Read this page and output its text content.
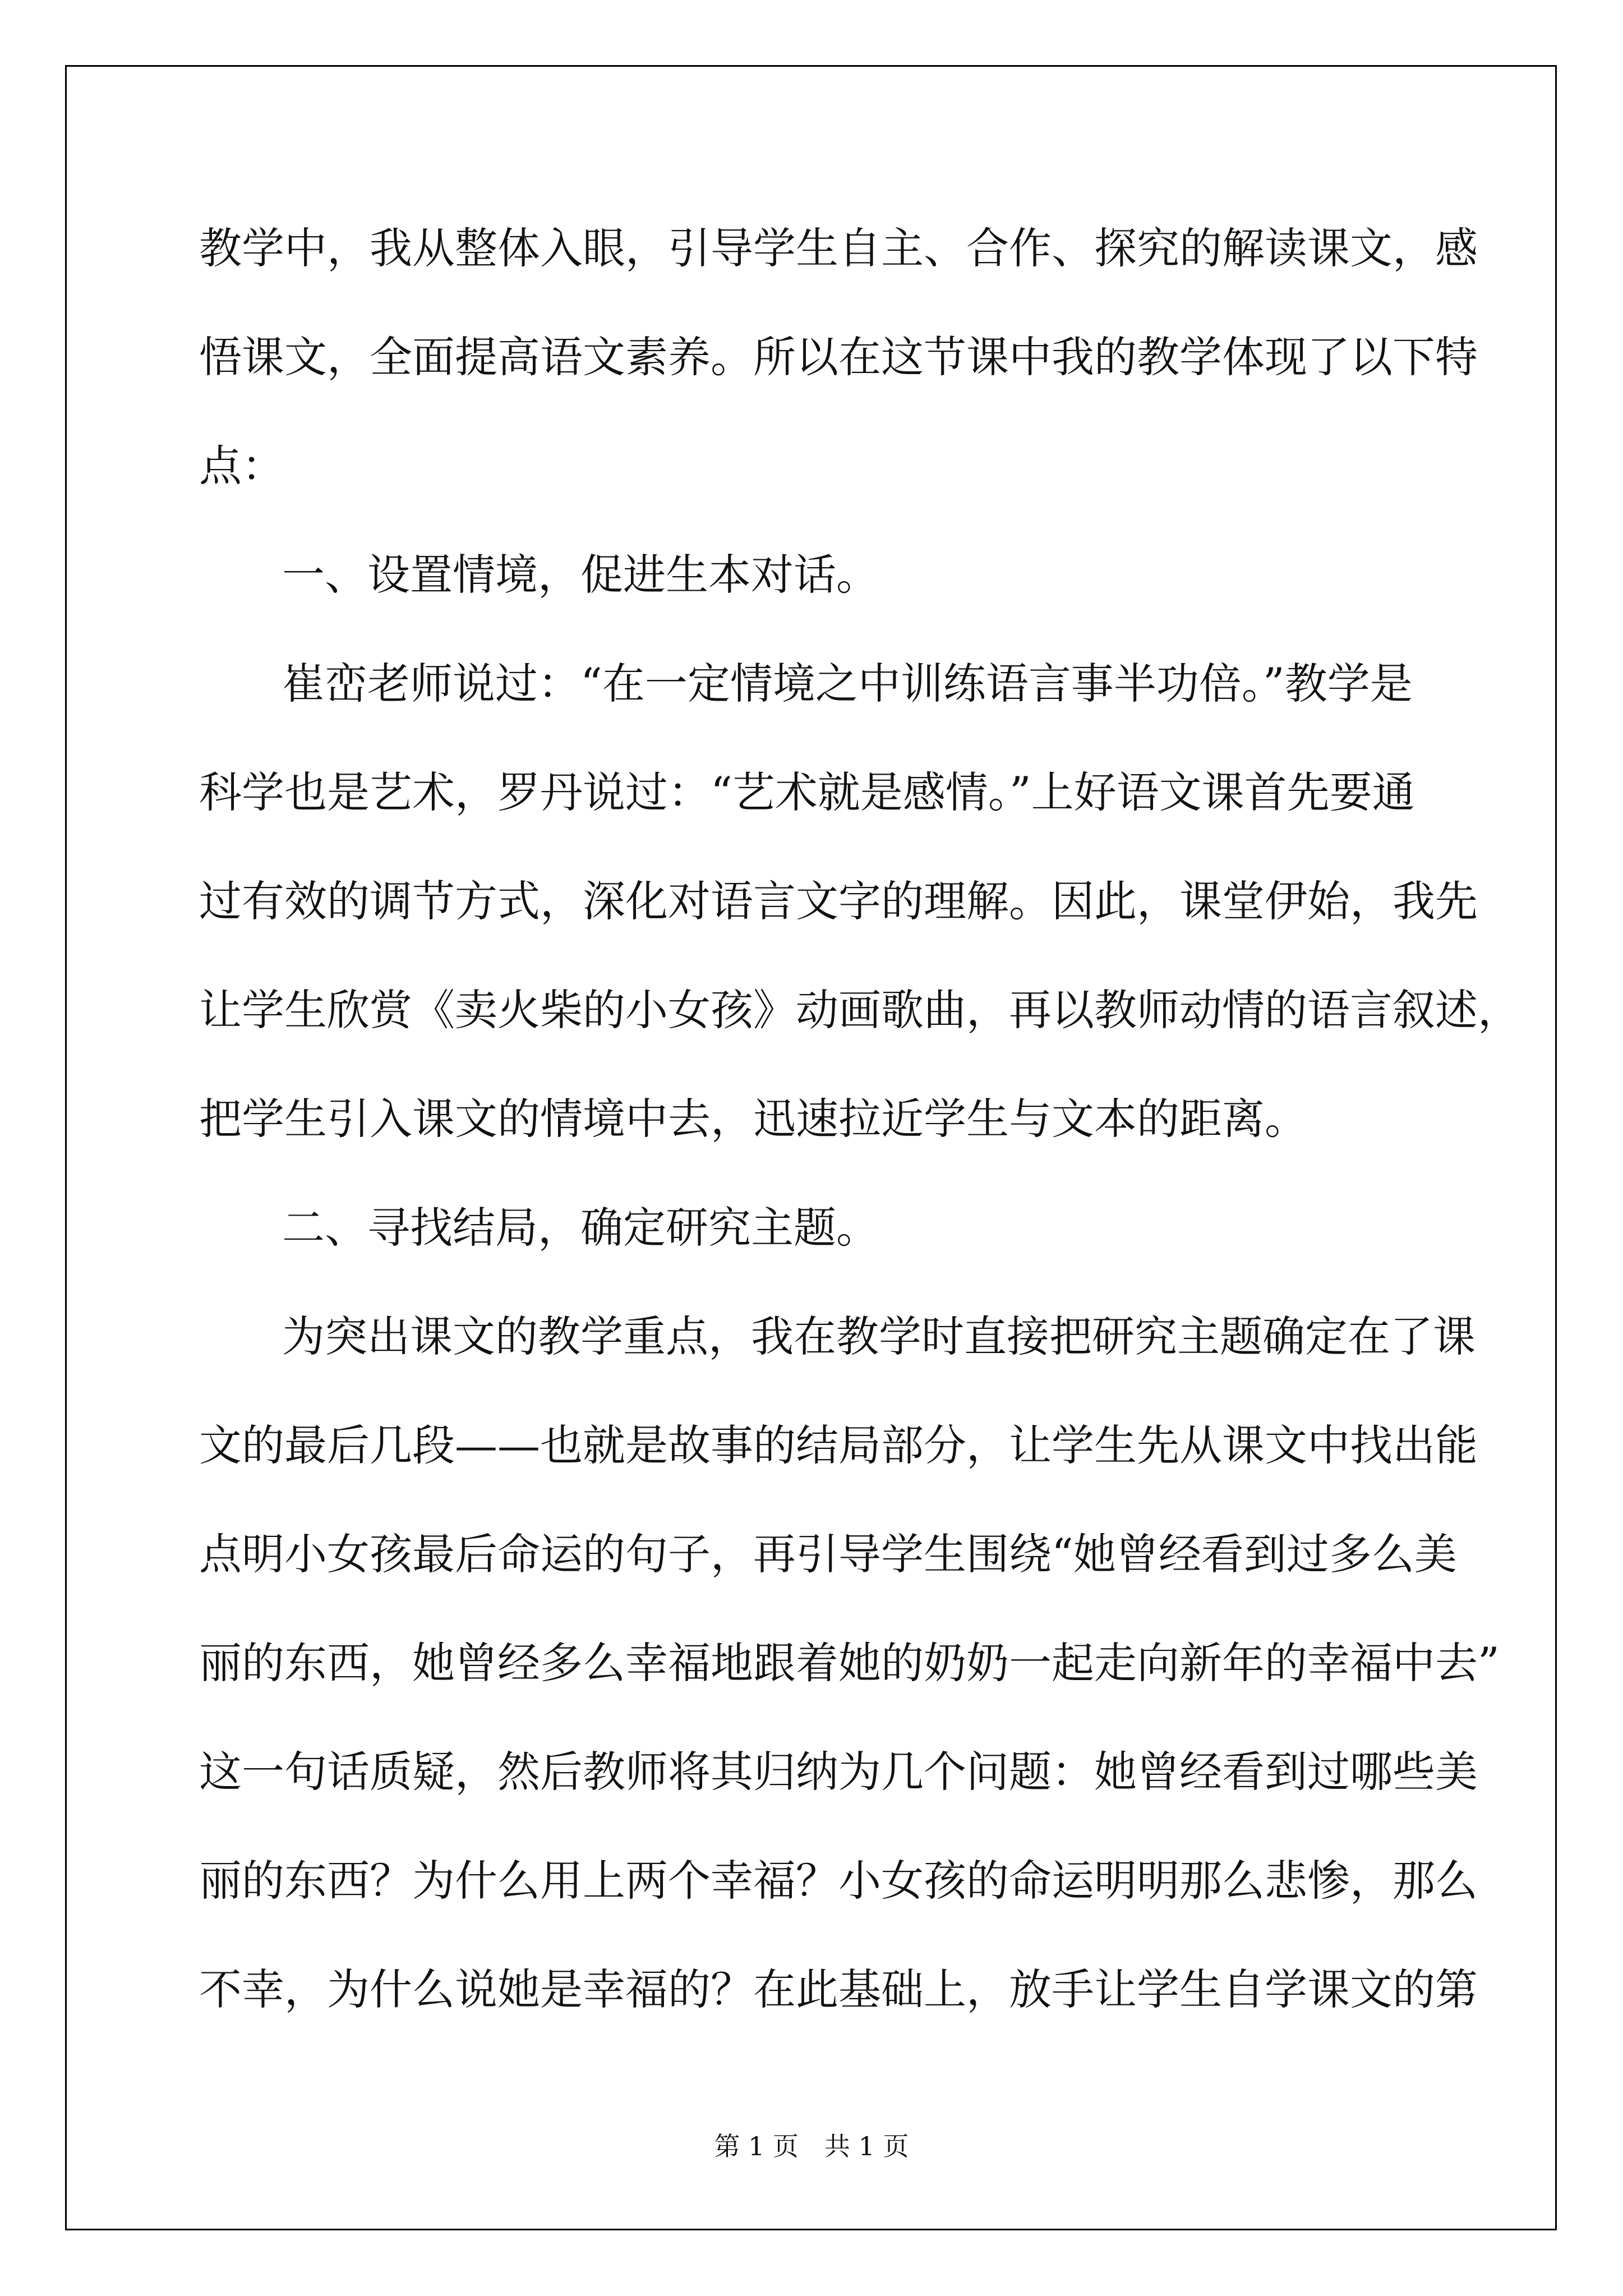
教学中，我从整体入眼，引导学生自主、合作、探究的解读课文，感
悟课文，全面提高语文素养。所以在这节课中我的教学体现了以下特
点：
一、设置情境，促进生本对话。
崔峦老师说过：“在一定情境之中训练语言事半功倍。”教学是
科学也是艺术，罗丹说过：“艺术就是感情。”上好语文课首先要通
过有效的调节方式，深化对语言文字的理解。因此，课堂伊始，我先
让学生欣赏《卖火柴的小女孩》动画歌曲，再以教师动情的语言叙述，
把学生引入课文的情境中去，迅速拉近学生与文本的距离。
二、寻找结局，确定研究主题。
为突出课文的教学重点，我在教学时直接把研究主题确定在了课
文的最后几段——也就是故事的结局部分，让学生先从课文中找出能
点明小女孩最后命运的句子，再引导学生围绕“她曾经看到过多么美
丽的东西，她曾经多么幸福地跟着她的奶奶一起走向新年的幸福中去”
这一句话质疑，然后教师将其归纳为几个问题：她曾经看到过哪些美
丽的东西？为什么用上两个幸福？小女孩的命运明明那么悲惨，那么
不幸，为什么说她是幸福的？在此基础上，放手让学生自学课文的第
第 1 页　共 1 页
